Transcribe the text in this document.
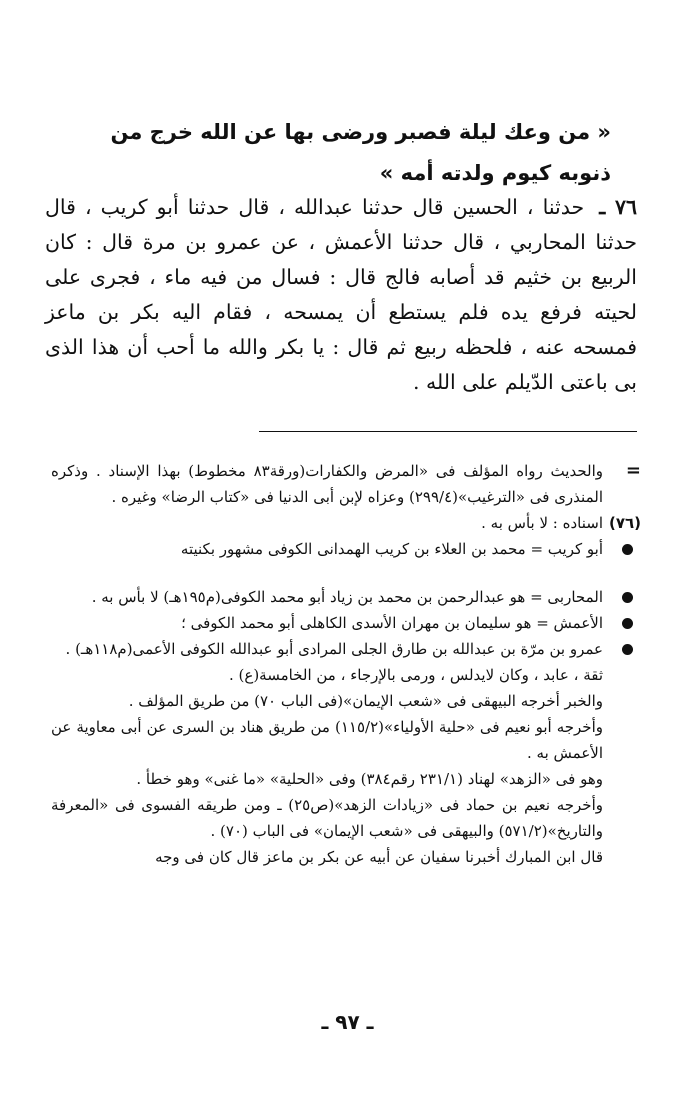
« من وعك ليلة فصبر ورضى بها عن الله خرج من
ذنوبه كيوم ولدته أمه »
٧٦ ـ حدثنا ، الحسين قال حدثنا عبدالله ، قال حدثنا أبو كريب ، قال حدثنا المحاربي ، قال حدثنا الأعمش ، عن عمرو بن مرة قال : كان الربيع بن خثيم قد أصابه فالج قال : فسال من فيه ماء ، فجرى على لحيته فرفع يده فلم يستطع أن يمسحه ، فقام اليه بكر بن ماعز فمسحه عنه ، فلحظه ربيع ثم قال : يا بكر والله ما أحب أن هذا الذى بى باعتى الدّيلم على الله .
=
والحديث رواه المؤلف فى «المرض والكفارات(ورقة٨٣ مخطوط) بهذا الإسناد . وذكره المنذرى فى «الترغيب»(٢٩٩/٤) وعزاه لإبن أبى الدنيا فى «كتاب الرضا» وغيره .
(٧٦)
اسناده : لا بأس به .
أبو كريب = محمد بن العلاء بن كريب الهمدانى الكوفى مشهور بكنيته
المحاربى = هو عبدالرحمن بن محمد بن زياد أبو محمد الكوفى(م١٩٥هـ) لا بأس به .
الأعمش = هو سليمان بن مهران الأسدى الكاهلى أبو محمد الكوفى ؛
عمرو بن مرّة بن عبدالله بن طارق الجلى المرادى أبو عبدالله الكوفى الأعمى(م١١٨هـ) .
ثقة ، عابد ، وكان لايدلس ، ورمى بالإرجاء ، من الخامسة(ع) .
والخبر أخرجه البيهقى فى «شعب الإيمان»(فى الباب ٧٠) من طريق المؤلف .
وأخرجه أبو نعيم فى «حلية الأولياء»(١١٥/٢) من طريق هناد بن السرى عن أبى معاوية عن الأعمش به .
وهو فى «الزهد» لهناد (٢٣١/١ رقم٣٨٤) وفى «الحلية» «ما غنى» وهو خطأ .
وأخرجه نعيم بن حماد فى «زيادات الزهد»(ص٢٥) ـ ومن طريقه الفسوى فى «المعرفة والتاريخ»(٥٧١/٢) والبيهقى فى «شعب الإيمان» فى الباب (٧٠) .
قال ابن المبارك أخبرنا سفيان عن أبيه عن بكر بن ماعز قال كان فى وجه
ـ ٩٧ ـ
